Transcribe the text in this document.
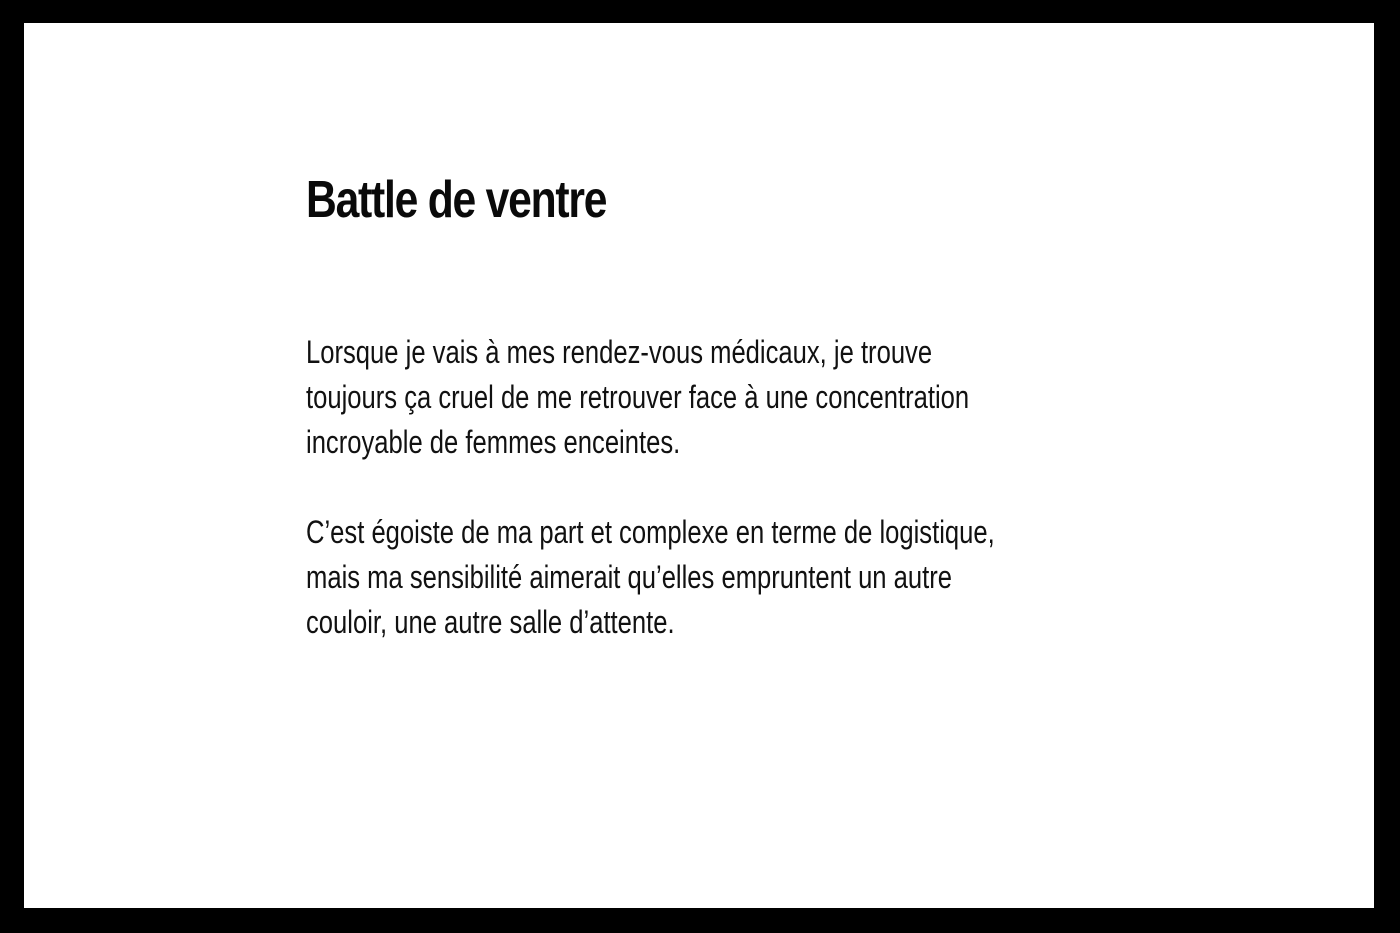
Battle de ventre

Lorsque je vais à mes rendez-vous médicaux, je trouve
toujours ça cruel de me retrouver face à une concentration
incroyable de femmes enceintes.

C’est égoiste de ma part et complexe en terme de logistique,
mais ma sensibilité aimerait qu’elles empruntent un autre
couloir, une autre salle d’attente.
